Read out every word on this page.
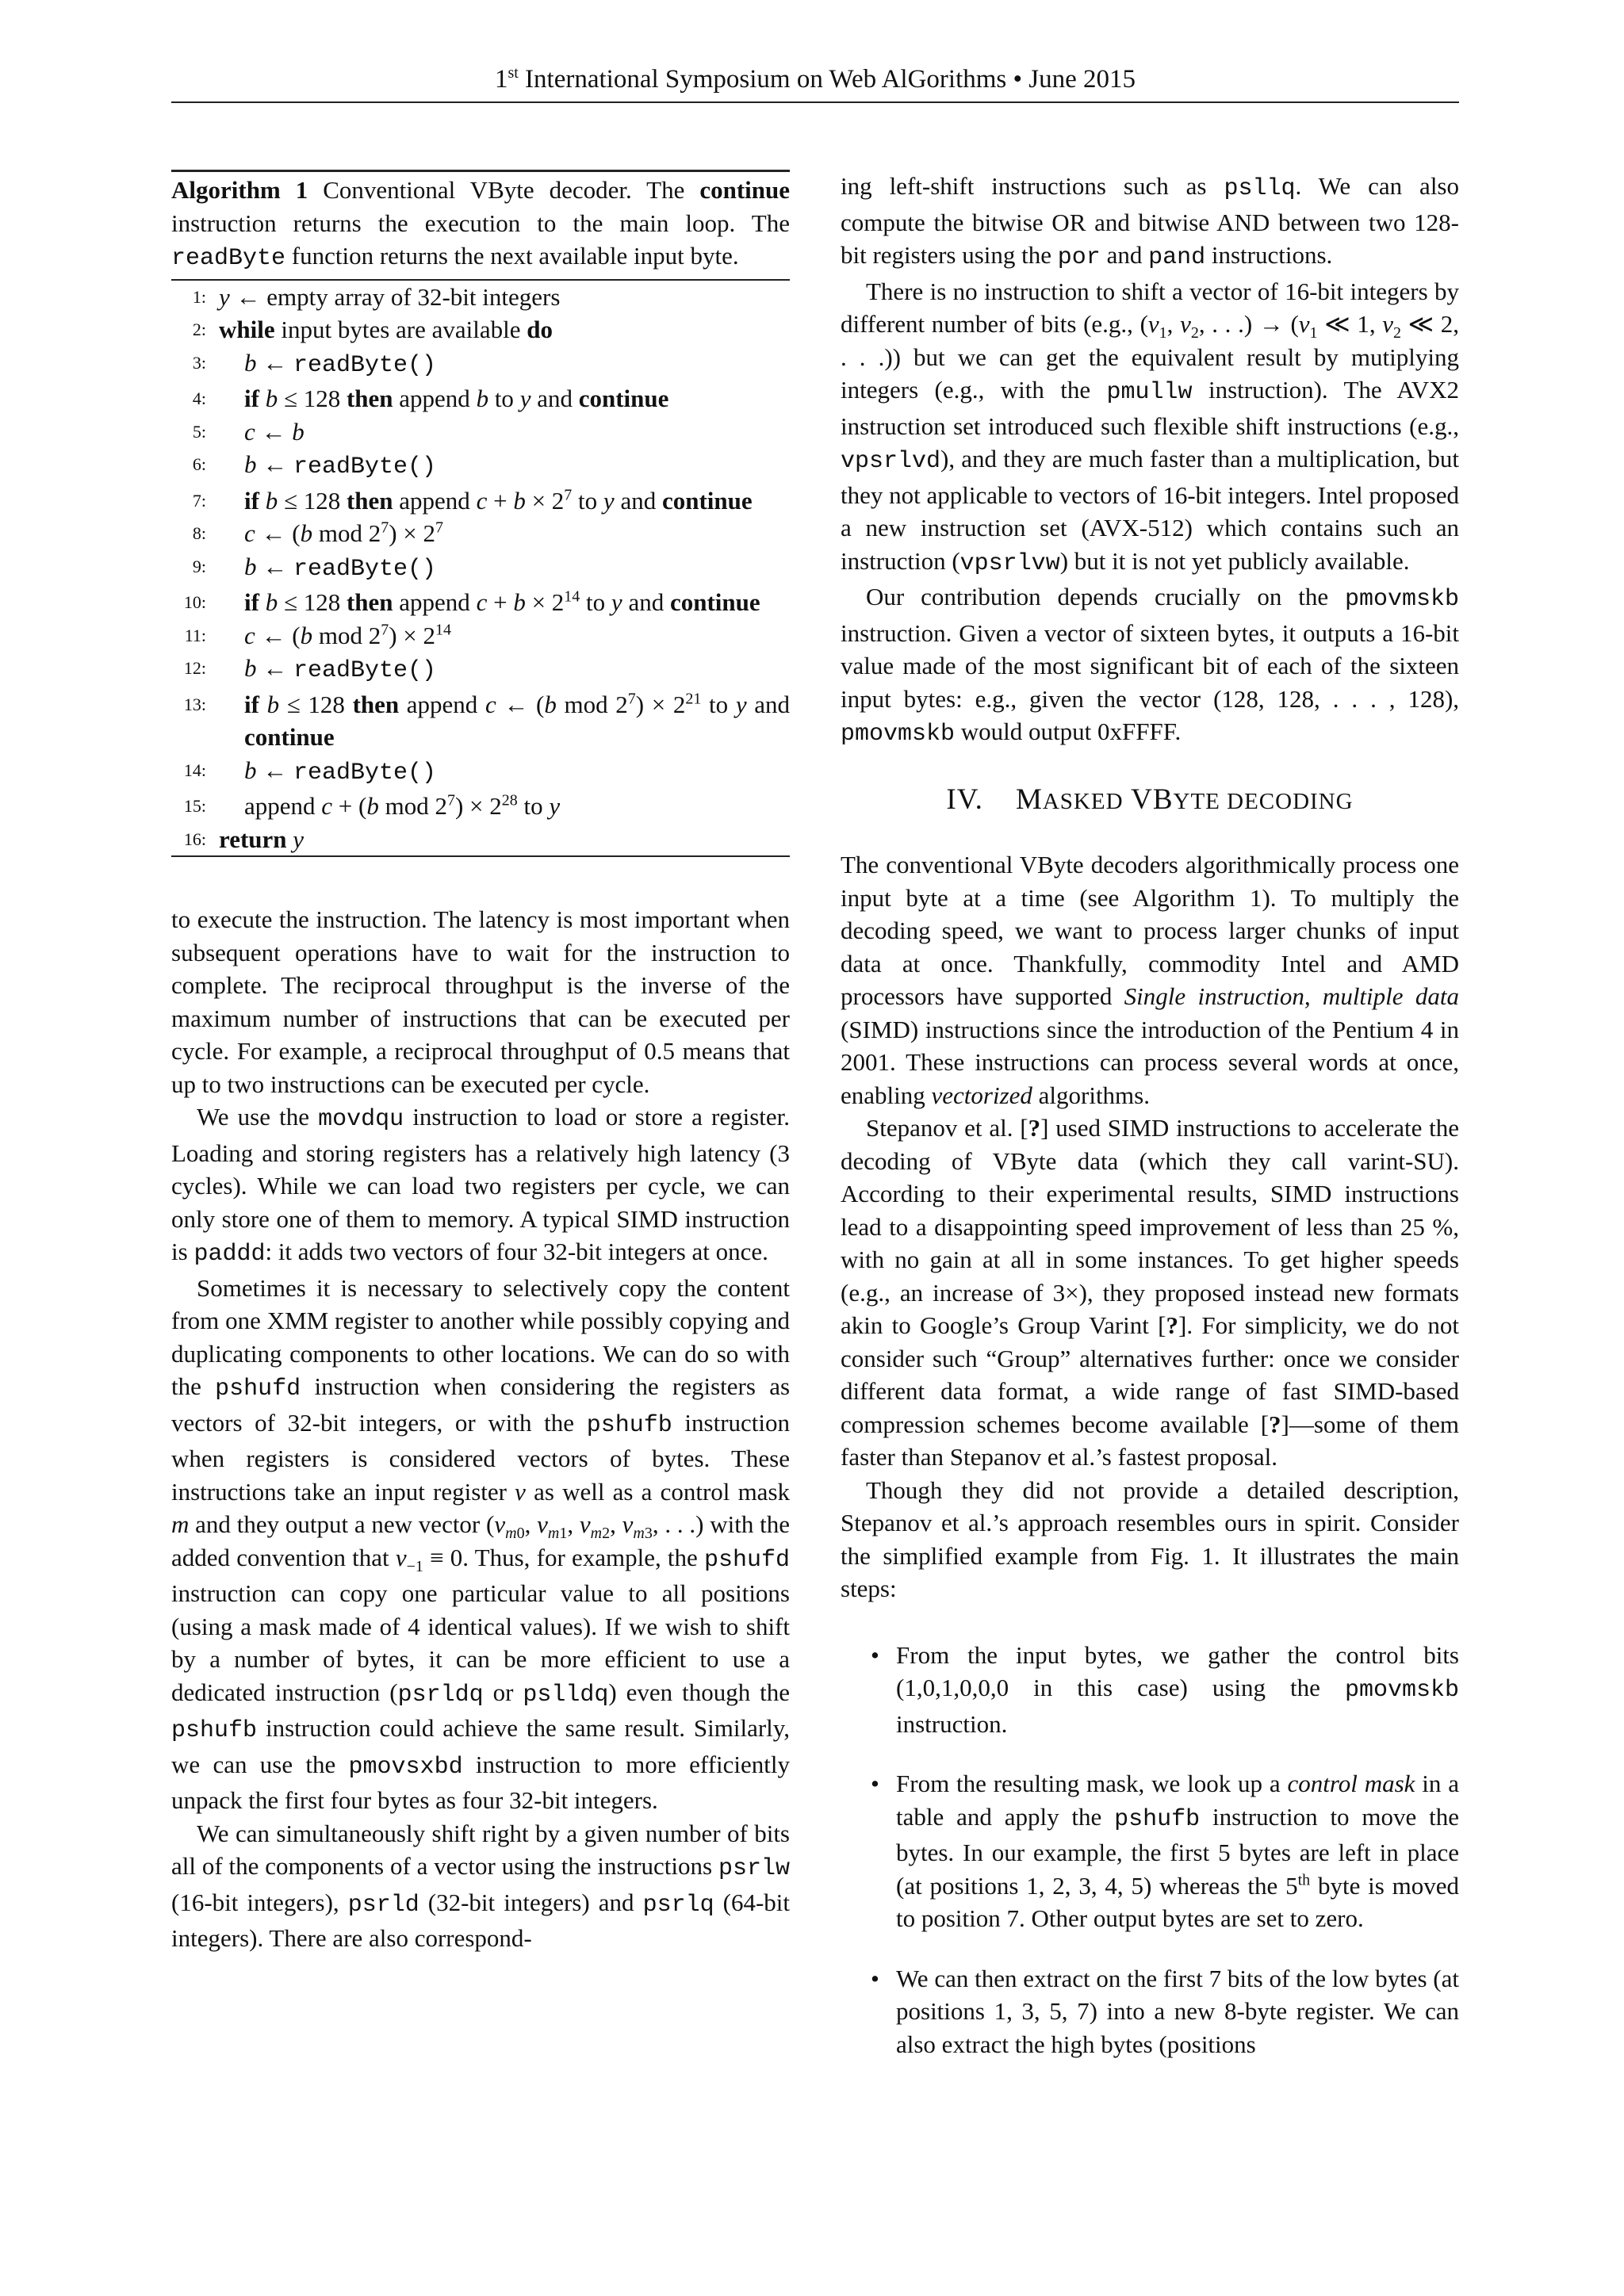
1st International Symposium on Web AlGorithms • June 2015
Algorithm 1 Conventional VByte decoder. The continue instruction returns the execution to the main loop. The readByte function returns the next available input byte.
1: y ← empty array of 32-bit integers
2: while input bytes are available do
3: b ← readByte()
4: if b ≤ 128 then append b to y and continue
5: c ← b
6: b ← readByte()
7: if b ≤ 128 then append $c + b \times 2^7$ to y and continue
8: c ← (b mod $2^7) \times 2^7$
9: b ← readByte()
10: if b ≤ 128 then append $c + b \times 2^{14}$ to y and continue
11: c ← (b mod $2^7) \times 2^{14}$
12: b ← readByte()
13: if b ≤ 128 then append c ← (b mod $2^7) \times 2^{21}$ to y and continue
14: b ← readByte()
15: append c + (b mod $2^7) \times 2^{28}$ to y
16: return y

to execute the instruction. The latency is most important when subsequent operations have to wait for the instruction to complete. The reciprocal throughput is the inverse of the maximum number of instructions that can be executed per cycle. For example, a reciprocal throughput of 0.5 means that up to two instructions can be executed per cycle.

We use the movdqu instruction to load or store a register. Loading and storing registers has a relatively high latency (3 cycles). While we can load two registers per cycle, we can only store one of them to memory. A typical SIMD instruction is paddd: it adds two vectors of four 32-bit integers at once.

Sometimes it is necessary to selectively copy the content from one XMM register to another while possibly copying and duplicating components to other locations. We can do so with the pshufd instruction when considering the registers as vectors of 32-bit integers, or with the pshufb instruction when registers is considered vectors of bytes. These instructions take an input register v as well as a control mask m and they output a new vector ($v_{m0}$, $v_{m1}$, $v_{m2}$, $v_{m3}$, . . .) with the added convention that $v_{-1} \equiv 0$. Thus, for example, the pshufd instruction can copy one particular value to all positions (using a mask made of 4 identical values). If we wish to shift by a number of bytes, it can be more efficient to use a dedicated instruction (psrldq or pslldq) even though the pshufb instruction could achieve the same result. Similarly, we can use the pmovsxbd instruction to more efficiently unpack the first four bytes as four 32-bit integers.

We can simultaneously shift right by a given number of bits all of the components of a vector using the instructions psrlw (16-bit integers), psrld (32-bit integers) and psrlq (64-bit integers). There are also correspond-

ing left-shift instructions such as psllq. We can also compute the bitwise OR and bitwise AND between two 128-bit registers using the por and pand instructions.

There is no instruction to shift a vector of 16-bit integers by different number of bits (e.g., ($v_1$, $v_2$, . . .) → ($v_1$ ≪ 1, $v_2$ ≪ 2, . . .)) but we can get the equivalent result by mutiplying integers (e.g., with the pmullw instruction). The AVX2 instruction set introduced such flexible shift instructions (e.g., vpsrlvd), and they are much faster than a multiplication, but they not applicable to vectors of 16-bit integers. Intel proposed a new instruction set (AVX-512) which contains such an instruction (vpsrlvw) but it is not yet publicly available.

Our contribution depends crucially on the pmovmskb instruction. Given a vector of sixteen bytes, it outputs a 16-bit value made of the most significant bit of each of the sixteen input bytes: e.g., given the vector (128, 128, . . . , 128), pmovmskb would output 0xFFFF.

IV. MASKED VBYTE DECODING

The conventional VByte decoders algorithmically process one input byte at a time (see Algorithm 1). To multiply the decoding speed, we want to process larger chunks of input data at once. Thankfully, commodity Intel and AMD processors have supported Single instruction, multiple data (SIMD) instructions since the introduction of the Pentium 4 in 2001. These instructions can process several words at once, enabling vectorized algorithms.

Stepanov et al. [?] used SIMD instructions to accelerate the decoding of VByte data (which they call varint-SU). According to their experimental results, SIMD instructions lead to a disappointing speed improvement of less than 25 %, with no gain at all in some instances. To get higher speeds (e.g., an increase of 3×), they proposed instead new formats akin to Google’s Group Varint [?]. For simplicity, we do not consider such “Group” alternatives further: once we consider different data format, a wide range of fast SIMD-based compression schemes become available [?]—some of them faster than Stepanov et al.’s fastest proposal.

Though they did not provide a detailed description, Stepanov et al.’s approach resembles ours in spirit. Consider the simplified example from Fig. 1. It illustrates the main steps:

• From the input bytes, we gather the control bits (1,0,1,0,0,0 in this case) using the pmovmskb instruction.
• From the resulting mask, we look up a control mask in a table and apply the pshufb instruction to move the bytes. In our example, the first 5 bytes are left in place (at positions 1, 2, 3, 4, 5) whereas the 5th byte is moved to position 7. Other output bytes are set to zero.
• We can then extract on the first 7 bits of the low bytes (at positions 1, 3, 5, 7) into a new 8-byte register. We can also extract the high bytes (positions
